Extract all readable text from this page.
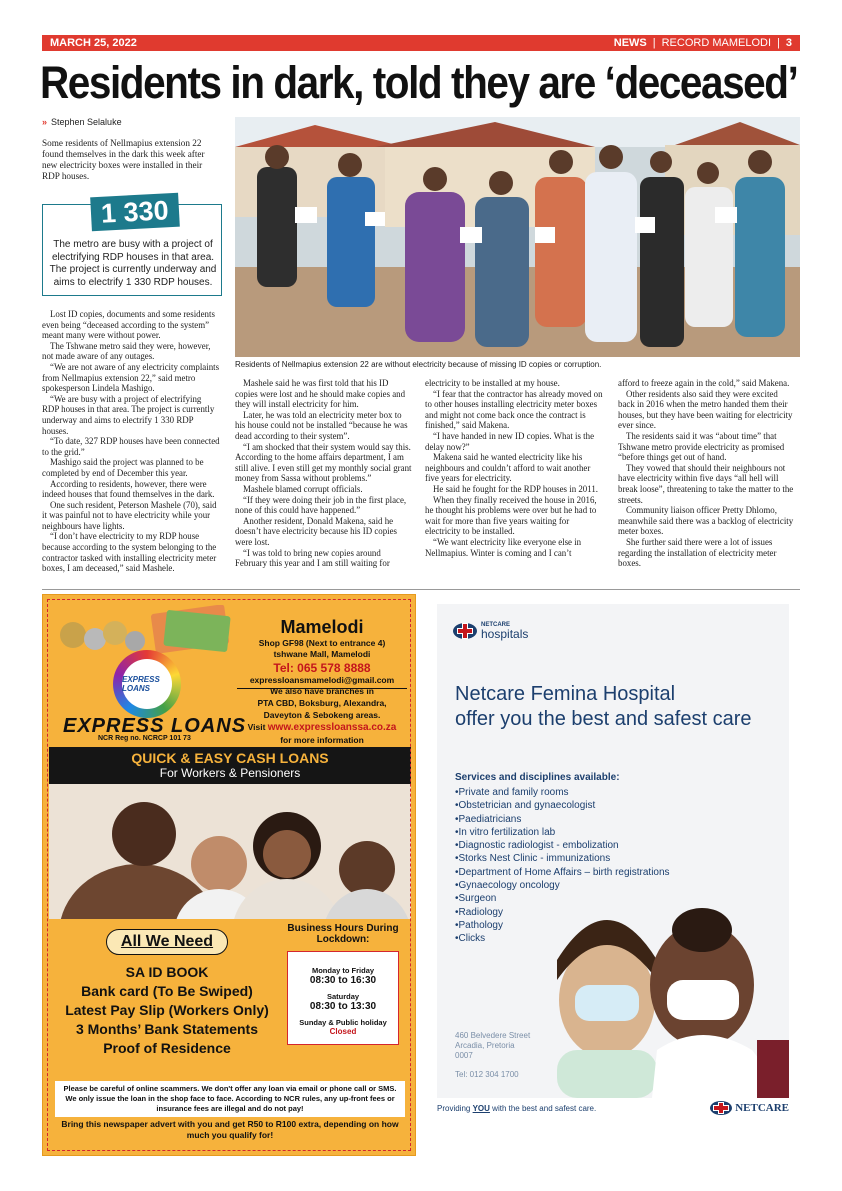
MARCH 25, 2022	NEWS | RECORD MAMELODI | 3
Residents in dark, told they are ‘deceased’
» Stephen Selaluke

Some residents of Nellmapius extension 22 found themselves in the dark this week after new electricity boxes were installed in their RDP houses.

1 330
The metro are busy with a project of electrifying RDP houses in that area. The project is currently underway and aims to electrify 1 330 RDP houses.

Residents of Nellmapius extension 22 are without electricity because of missing ID copies or corruption.

Lost ID copies, documents and some residents even being “deceased according to the system” meant many were without power.

The Tshwane metro said they were, however, not made aware of any outages.

“We are not aware of any electricity complaints from Nellmapius extension 22,” said metro spokesperson Lindela Mashigo.

“We are busy with a project of electrifying RDP houses in that area. The project is currently underway and aims to electrify 1 330 RDP houses.

“To date, 327 RDP houses have been connected to the grid.”

Mashigo said the project was planned to be completed by end of December this year.

According to residents, however, there were indeed houses that found themselves in the dark.

One such resident, Peterson Mashele (70), said it was painful not to have electricity while your neighbours have lights.

“I don’t have electricity to my RDP house because according to the system belonging to the contractor tasked with installing electricity meter boxes, I am deceased,” said Mashele.

Mashele said he was first told that his ID copies were lost and he should make copies and they will install electricity for him.

Later, he was told an electricity meter box to his house could not be installed “because he was dead according to their system”.

“I am shocked that their system would say this. According to the home affairs department, I am still alive. I even still get my monthly social grant money from Sassa without problems.”

Mashele blamed corrupt officials.

“If they were doing their job in the first place, none of this could have happened.”

Another resident, Donald Makena, said he doesn’t have electricity because his ID copies were lost.

“I was told to bring new copies around February this year and I am still waiting for

electricity to be installed at my house.

“I fear that the contractor has already moved on to other houses installing electricity meter boxes and might not come back once the contract is finished,” said Makena.

“I have handed in new ID copies. What is the delay now?”

Makena said he wanted electricity like his neighbours and couldn’t afford to wait another five years for electricity.

He said he fought for the RDP houses in 2011.

When they finally received the house in 2016, he thought his problems were over but he had to wait for more than five years waiting for electricity to be installed.

“We want electricity like everyone else in Nellmapius. Winter is coming and I can’t

afford to freeze again in the cold,” said Makena.

Other residents also said they were excited back in 2016 when the metro handed them their houses, but they have been waiting for electricity ever since.

The residents said it was “about time” that Tshwane metro provide electricity as promised “before things get out of hand.

They vowed that should their neighbours not have electricity within five days “all hell will break loose”, threatening to take the matter to the streets.

Community liaison officer Pretty Dhlomo, meanwhile said there was a backlog of electricity meter boxes.

She further said there were a lot of issues regarding the installation of electricity meter boxes.

EXPRESS LOANS
EXPRESS LOANS
NCR Reg no. NCRCP 101 73
Mamelodi
Shop GF98 (Next to entrance 4)
tshwane Mall, Mamelodi
Tel: 065 578 8888
expressloansmamelodi@gmail.com
We also have branches in
PTA CBD, Boksburg, Alexandra,
Daveyton & Sebokeng areas.
Visit www.expressloanssa.co.za
for more information
QUICK & EASY CASH LOANS
For Workers & Pensioners
All We Need
SA ID BOOK
Bank card (To Be Swiped)
Latest Pay Slip (Workers Only)
3 Months’ Bank Statements
Proof of Residence
Business Hours During Lockdown:
Monday to Friday
08:30 to 16:30
Saturday
08:30 to 13:30
Sunday & Public holiday
Closed
Please be careful of online scammers. We don't offer any loan via email or phone call or SMS. We only issue the loan in the shop face to face. According to NCR rules, any up-front fees or insurance fees are illegal and do not pay!
Bring this newspaper advert with you and get R50 to R100 extra, depending on how much you qualify for!
NETCARE
hospitals
Netcare Femina Hospital
offer you the best and safest care
Services and disciplines available:
• Private and family rooms
• Obstetrician and gynaecologist
• Paediatricians
• In vitro fertilization lab
• Diagnostic radiologist - embolization
• Storks Nest Clinic - immunizations
• Department of Home Affairs – birth registrations
• Gynaecology oncology
• Surgeon
• Radiology
• Pathology
• Clicks
460 Belvedere Street
Arcadia, Pretoria
0007
Tel: 012 304 1700
Providing YOU with the best and safest care.	NETCARE
